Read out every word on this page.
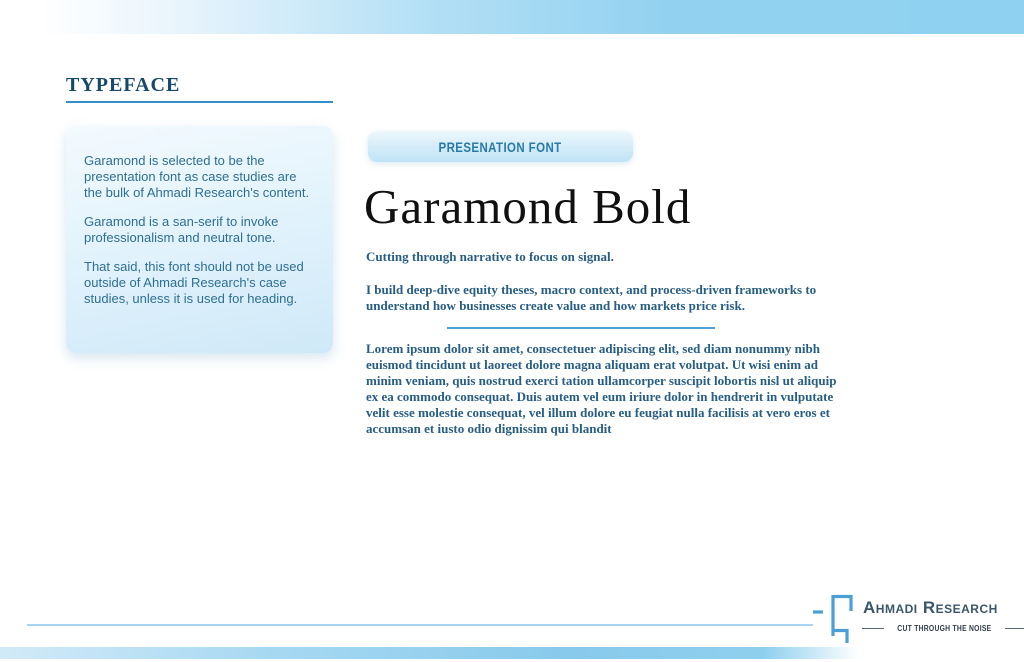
TYPEFACE

Garamond is selected to be the presentation font as case studies are the bulk of Ahmadi Research's content.

Garamond is a san-serif to invoke professionalism and neutral tone.

That said, this font should not be used outside of Ahmadi Research's case studies, unless it is used for heading.

PRESENATION FONT
Garamond Bold
Cutting through narrative to focus on signal.
I build deep-dive equity theses, macro context, and process-driven frameworks to understand how businesses create value and how markets price risk.
Lorem ipsum dolor sit amet, consectetuer adipiscing elit, sed diam nonummy nibh euismod tincidunt ut laoreet dolore magna aliquam erat volutpat. Ut wisi enim ad minim veniam, quis nostrud exerci tation ullamcorper suscipit lobortis nisl ut aliquip ex ea commodo consequat. Duis autem vel eum iriure dolor in hendrerit in vulputate velit esse molestie consequat, vel illum dolore eu feugiat nulla facilisis at vero eros et accumsan et iusto odio dignissim qui blandit
Ahmadi Research
CUT THROUGH THE NOISE
